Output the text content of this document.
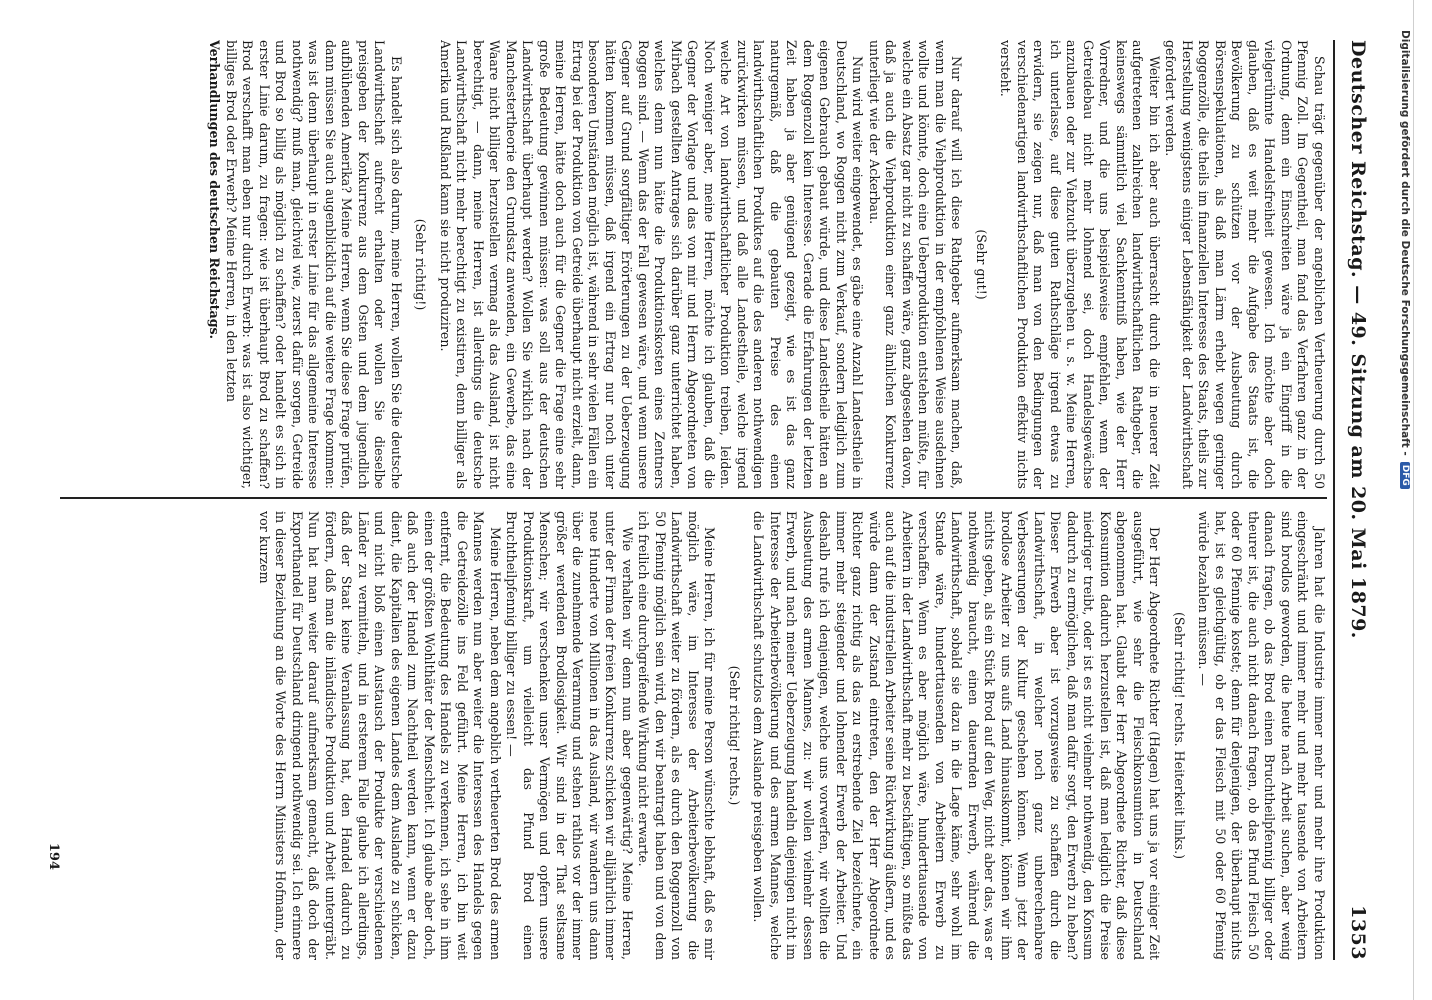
Deutscher Reichstag. — 49. Sitzung am 20. Mai 1879.
1353

Schau trägt gegenüber der angeblichen Vertheuerung durch 50 Pfennig Zoll. Im Gegentheil, man fand das Verfahren ganz in der Ordnung, denn ein Einschreiten wäre ja ein Eingriff in die vielgerühmte Handelsfreiheit gewesen. Ich möchte aber doch glauben, daß es weit mehr die Aufgabe des Staats ist, die Bevölkerung zu schützen vor der Ausbeutung durch Börsenspekulationen, als daß man Lärm erhebt wegen geringer Roggenzölle, die theils im finanziellen Interesse des Staats, theils zur Herstellung wenigstens einiger Lebensfähigkeit der Landwirthschaft gefordert werden.

Weiter bin ich aber auch überrascht durch die in neuerer Zeit aufgetretenen zahlreichen landwirthschaftlichen Rathgeber, die keineswegs sämmtlich viel Sachkenntniß haben, wie der Herr Vorredner, und die uns beispielsweise empfehlen, wenn der Getreidebau nicht mehr lohnend sei, doch Handelsgewächse anzubauen oder zur Viehzucht überzugehen u. s. w. Meine Herren, ich unterlasse, auf diese guten Rathschläge irgend etwas zu erwidern, sie zeigen nur, daß man von den Bedingungen der verschiedenartigen landwirthschaftlichen Produktion effektiv nichts versteht.

(Sehr gut!)

Nur darauf will ich diese Rathgeber aufmerksam machen, daß, wenn man die Viehproduktion in der empfohlenen Weise ausdehnen wollte und könnte, doch eine Ueberproduktion entstehen müßte, für welche ein Absatz gar nicht zu schaffen wäre, ganz abgesehen davon, daß ja auch die Viehproduktion einer ganz ähnlichen Konkurrenz unterliegt wie der Ackerbau.

Nun wird weiter eingewendet, es gäbe eine Anzahl Landestheile in Deutschland, wo Roggen nicht zum Verkauf, sondern lediglich zum eigenen Gebrauch gebaut würde, und diese Landestheile hätten an dem Roggenzoll kein Interesse. Gerade die Erfahrungen der letzten Zeit haben ja aber genügend gezeigt, wie es ist das ganz naturgemäß, daß die gebauten Preise des einen landwirthschaftlichen Produktes auf die des anderen nothwendigen zurückwirken müssen, und daß alle Landestheile, welche irgend welche Art von landwirthschaftlicher Produktion treiben, leiden. Noch weniger aber, meine Herren, möchte ich glauben, daß die Gegner der Vorlage und das von mir und Herrn Abgeordneten von Mirbach gestellten Antrages sich darüber ganz unterrichtet haben, welches denn nun hätte die Produktionskosten eines Zentners Roggen sind. — Wenn das der Fall gewesen wäre, und wenn unsere Gegner auf Grund sorgfältiger Erörterungen zu der Ueberzeugung hätten kommen müssen, daß irgend ein Ertrag nur noch unter besonderen Umständen möglich ist, während in sehr vielen Fällen ein Ertrag bei der Produktion von Getreide überhaupt nicht erzielt, dann, meine Herren, hätte doch auch für die Gegner die Frage eine sehr große Bedeutung gewinnen müssen: was soll aus der deutschen Landwirthschaft überhaupt werden? Wollen Sie wirklich nach der Manchestertheorie den Grundsatz anwenden, ein Gewerbe, das eine Waare nicht billiger herzustellen vermag als das Ausland, ist nicht berechtigt, — dann, meine Herren, ist allerdings die deutsche Landwirthschaft nicht mehr berechtigt zu existiren, denn billiger als Amerika und Rußland kann sie nicht produziren.

(Sehr richtig!)

Es handelt sich also darum, meine Herren, wollen Sie die deutsche Landwirthschaft aufrecht erhalten oder wollen Sie dieselbe preisgeben der Konkurrenz aus dem Osten und dem jugendlich aufblühenden Amerika? Meine Herren, wenn Sie diese Frage prüfen, dann müssen Sie auch augenblicklich auf die weitere Frage kommen: was ist denn überhaupt in erster Linie für das allgemeine Interesse nothwendig? muß man, gleichviel wie, zuerst dafür sorgen, Getreide und Brod so billig als möglich zu schaffen? oder handelt es sich in erster Linie darum, zu fragen: wie ist überhaupt Brod zu schaffen? Brod verschafft man eben nur durch Erwerb: was ist also wichtiger, billiges Brod oder Erwerb? Meine Herren, in den letzten

Verhandlungen des deutschen Reichstags.

Jahren hat die Industrie immer mehr und mehr ihre Produktion eingeschränkt und immer mehr und mehr tausende von Arbeitern sind brodlos geworden, die heute nach Arbeit suchen, aber wenig danach fragen, ob das Brod einen Bruchtheilpfennig billiger oder theurer ist, die auch nicht danach fragen, ob das Pfund Fleisch 50 oder 60 Pfennige kostet; denn für denjenigen, der überhaupt nichts hat, ist es gleichgültig, ob er das Fleisch mit 50 oder 60 Pfennig würde bezahlen müssen. —

(Sehr richtig! rechts. Heiterkeit links.)

Der Herr Abgeordnete Richter (Hagen) hat uns ja vor einiger Zeit ausgeführt, wie sehr die Fleischkonsumtion in Deutschland abgenommen hat. Glaubt der Herr Abgeordnete Richter, daß diese Konsumtion dadurch herzustellen ist, daß man lediglich die Preise niedriger treibt, oder ist es nicht vielmehr nothwendig, den Konsum dadurch zu ermöglichen, daß man dafür sorgt, den Erwerb zu heben? Dieser Erwerb aber ist vorzugsweise zu schaffen durch die Landwirthschaft, in welcher noch ganz unberechenbare Verbesserungen der Kultur geschehen können. Wenn jetzt der brodlose Arbeiter zu uns aufs Land hinauskommt, können wir ihm nichts geben, als ein Stück Brod auf den Weg, nicht aber das, was er nothwendig braucht, einen dauernden Erwerb, während die Landwirthschaft, sobald sie dazu in die Lage käme, sehr wohl im Stande wäre, hunderttausenden von Arbeitern Erwerb zu verschaffen. Wenn es aber möglich wäre, hunderttausende von Arbeitern in der Landwirthschaft mehr zu beschäftigen, so müßte das auch auf die industriellen Arbeiter seine Rückwirkung äußern, und es würde dann der Zustand eintreten, den der Herr Abgeordnete Richter ganz richtig als das zu erstrebende Ziel bezeichnete, ein immer mehr steigender und lohnender Erwerb der Arbeiter. Und deshalb rufe ich denjenigen, welche uns vorwerfen, wir wollten die Ausbeutung des armen Mannes, zu: wir wollen vielmehr dessen Erwerb, und nach meiner Ueberzeugung handeln diejenigen nicht im Interesse der Arbeiterbevölkerung und des armen Mannes, welche die Landwirthschaft schutzlos dem Auslande preisgeben wollen.

(Sehr richtig! rechts.)

Meine Herren, ich für meine Person wünschte lebhaft, daß es mir möglich wäre, im Interesse der Arbeiterbevölkerung die Landwirthschaft weiter zu fördern, als es durch den Roggenzoll von 50 Pfennig möglich sein wird, den wir beantragt haben und von dem ich freilich eine durchgreifende Wirkung nicht erwarte.

Wie verhalten wir denn nun aber gegenwärtig? Meine Herren, unter der Firma der freien Konkurrenz schicken wir alljährlich immer neue Hunderte von Millionen in das Ausland, wir wandern uns dann über die zunehmende Verarmung und stehen rathlos vor der immer größer werdenden Brodlosigkeit. Wir sind in der That seltsame Menschen; wir verschenken unser Vermögen und opfern unsere Produktionskraft, um vielleicht das Pfund Brod einen Bruchtheilpfennig billiger zu essen! —

Meine Herren, neben dem angeblich vertheuerten Brod des armen Mannes werden nun aber weiter die Interessen des Handels gegen die Getreidezölle ins Feld geführt. Meine Herren, ich bin weit entfernt, die Bedeutung des Handels zu verkennen, ich sehe in ihm einen der größten Wohlthäter der Menschheit. Ich glaube aber doch, daß auch der Handel zum Nachtheil werden kann, wenn er dazu dient, die Kapitalien des eigenen Landes dem Auslande zu schicken, und nicht bloß einen Austausch der Produkte der verschiedenen Länder zu vermitteln, und in ersterem Falle glaube ich allerdings, daß der Staat keine Veranlassung hat, den Handel dadurch zu fördern, daß man die inländische Produktion und Arbeit untergräbt. Nun hat man weiter darauf aufmerksam gemacht, daß doch der Exporthandel für Deutschland dringend nothwendig sei. Ich erinnere in dieser Beziehung an die Worte des Herrn Ministers Hofmann, der vor kurzem

194
Digitalisierung gefördert durch die Deutsche Forschungsgemeinschaft -
DFG
